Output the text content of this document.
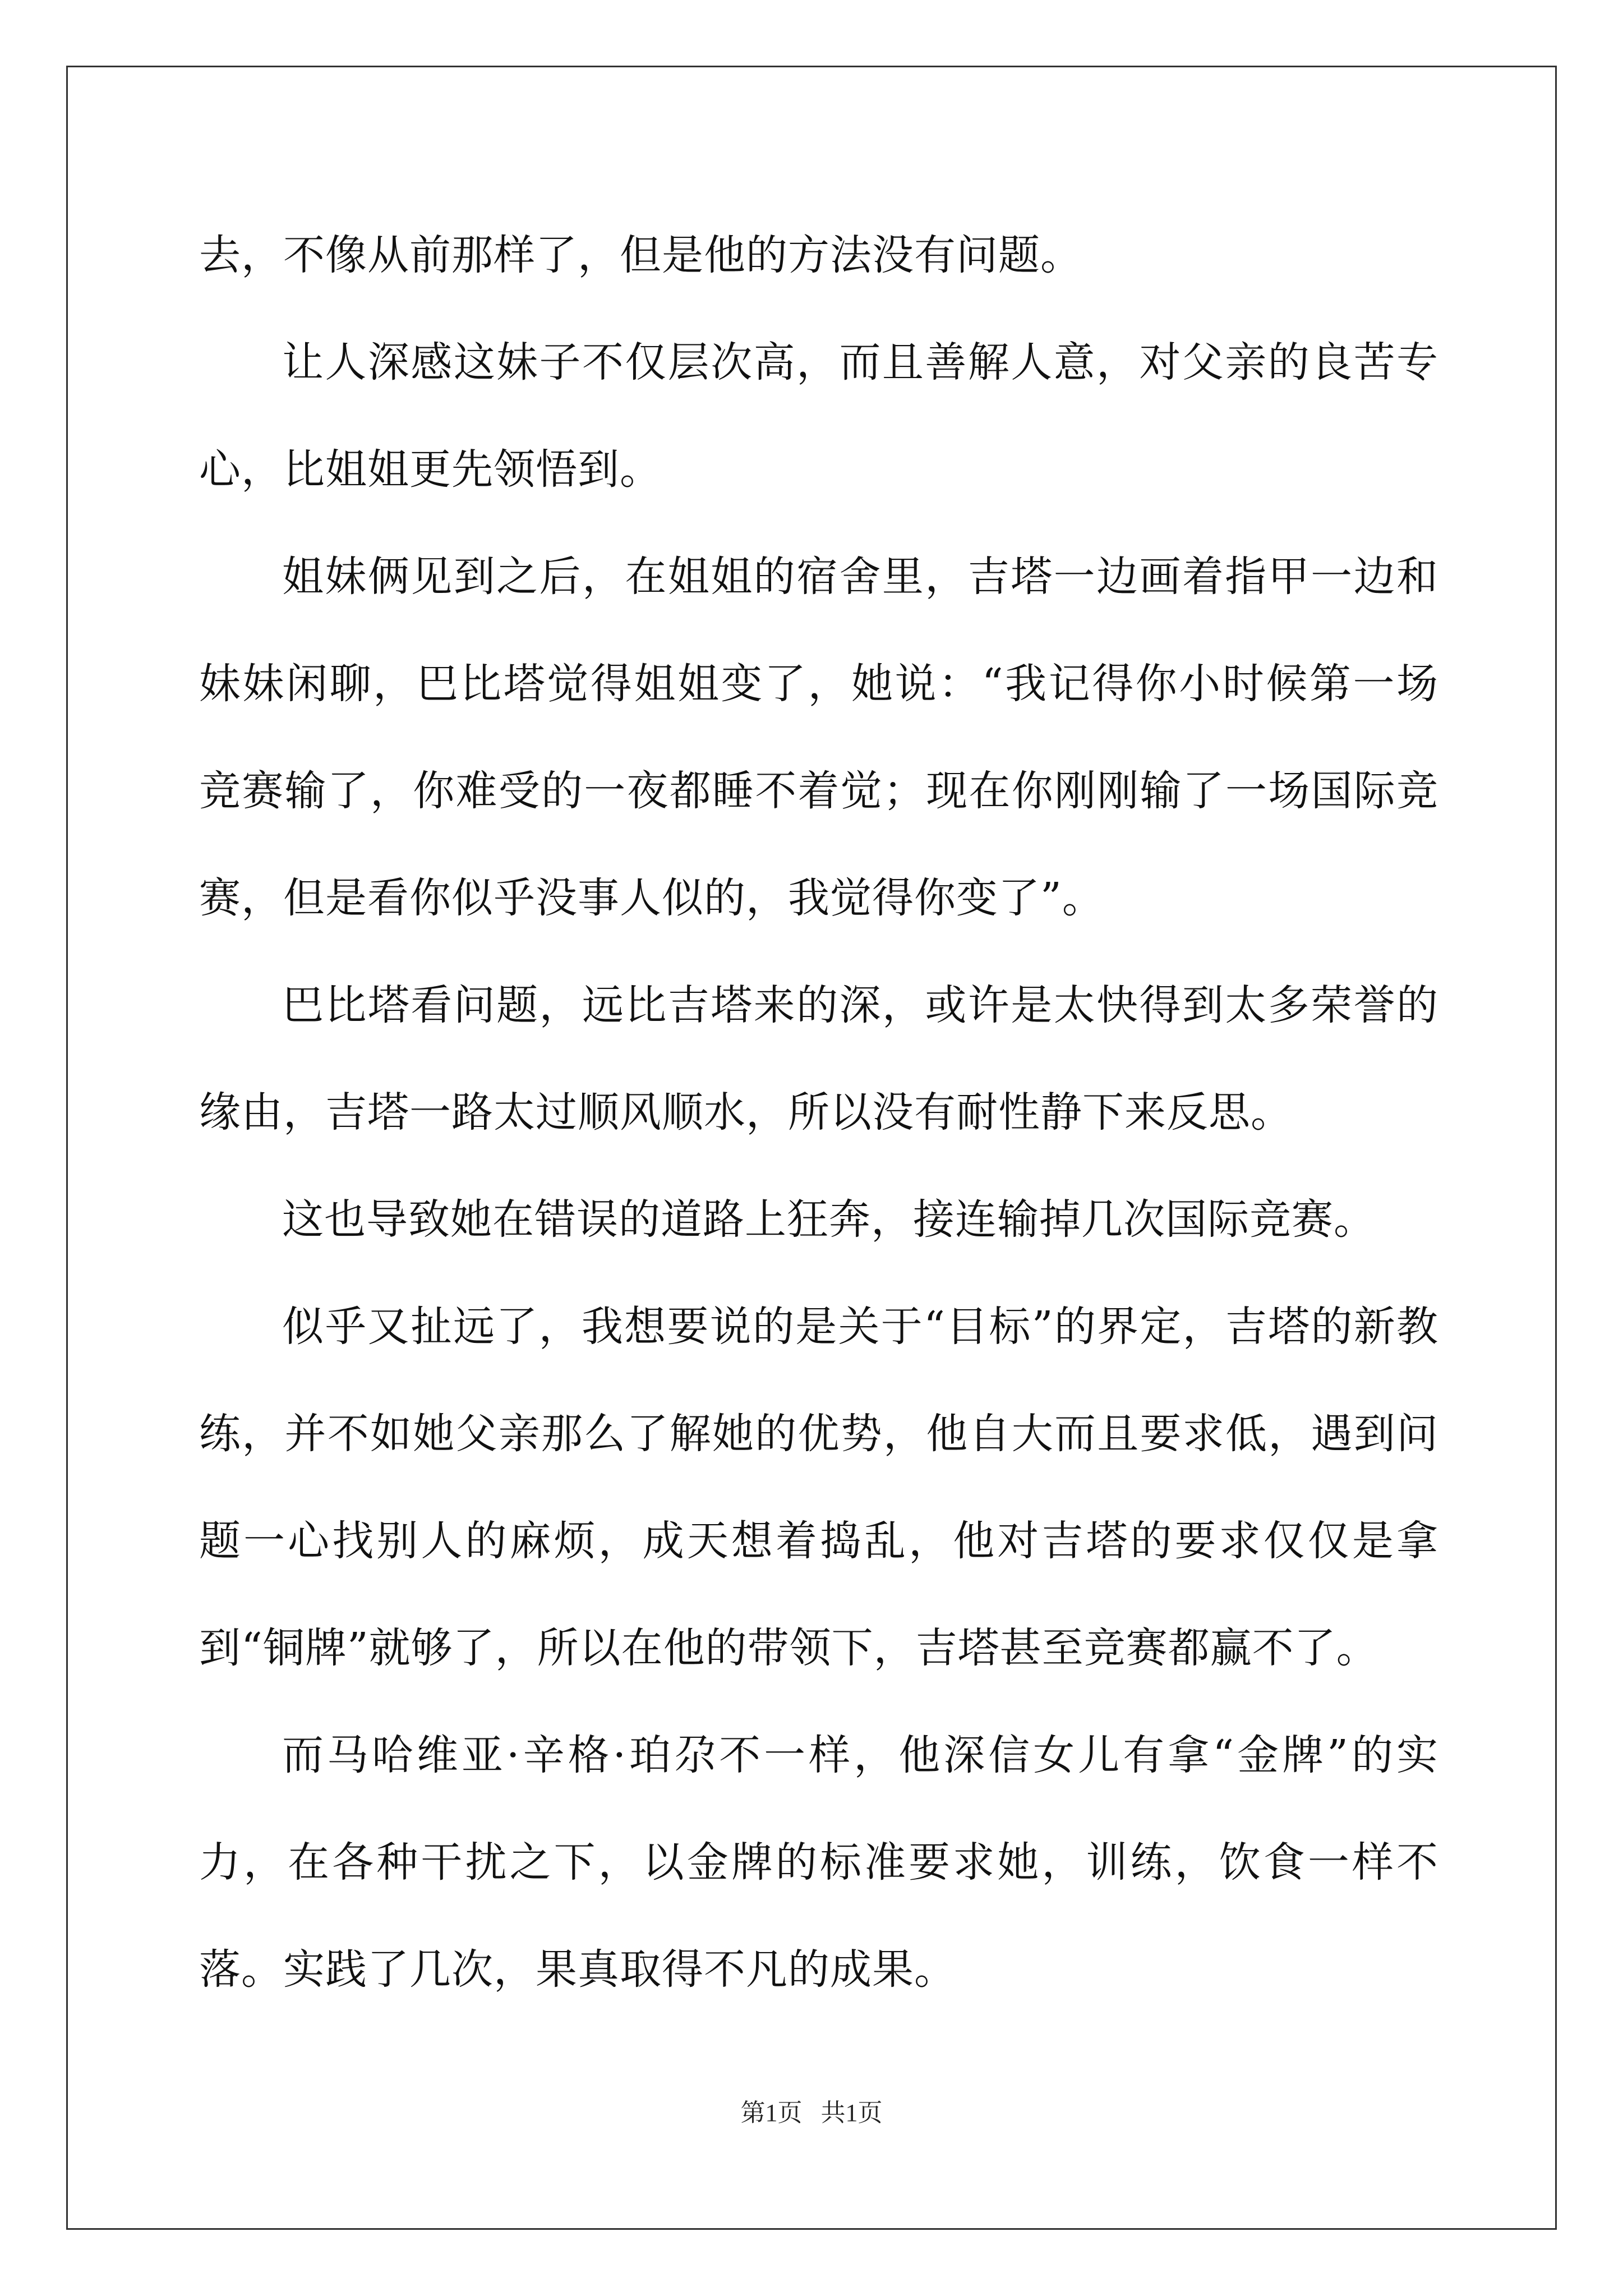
去，不像从前那样了，但是他的方法没有问题。

让人深感这妹子不仅层次高，而且善解人意，对父亲的良苦专心，比姐姐更先领悟到。

姐妹俩见到之后，在姐姐的宿舍里，吉塔一边画着指甲一边和妹妹闲聊，巴比塔觉得姐姐变了，她说：“我记得你小时候第一场竞赛输了，你难受的一夜都睡不着觉；现在你刚刚输了一场国际竞赛，但是看你似乎没事人似的，我觉得你变了”。

巴比塔看问题，远比吉塔来的深，或许是太快得到太多荣誉的缘由，吉塔一路太过顺风顺水，所以没有耐性静下来反思。

这也导致她在错误的道路上狂奔，接连输掉几次国际竞赛。

似乎又扯远了，我想要说的是关于“目标”的界定，吉塔的新教练，并不如她父亲那么了解她的优势，他自大而且要求低，遇到问题一心找别人的麻烦，成天想着捣乱，他对吉塔的要求仅仅是拿到“铜牌”就够了，所以在他的带领下，吉塔甚至竞赛都赢不了。

而马哈维亚·辛格·珀尕不一样，他深信女儿有拿“金牌”的实力，在各种干扰之下，以金牌的标准要求她，训练，饮食一样不落。实践了几次，果真取得不凡的成果。

第1页 共1页
